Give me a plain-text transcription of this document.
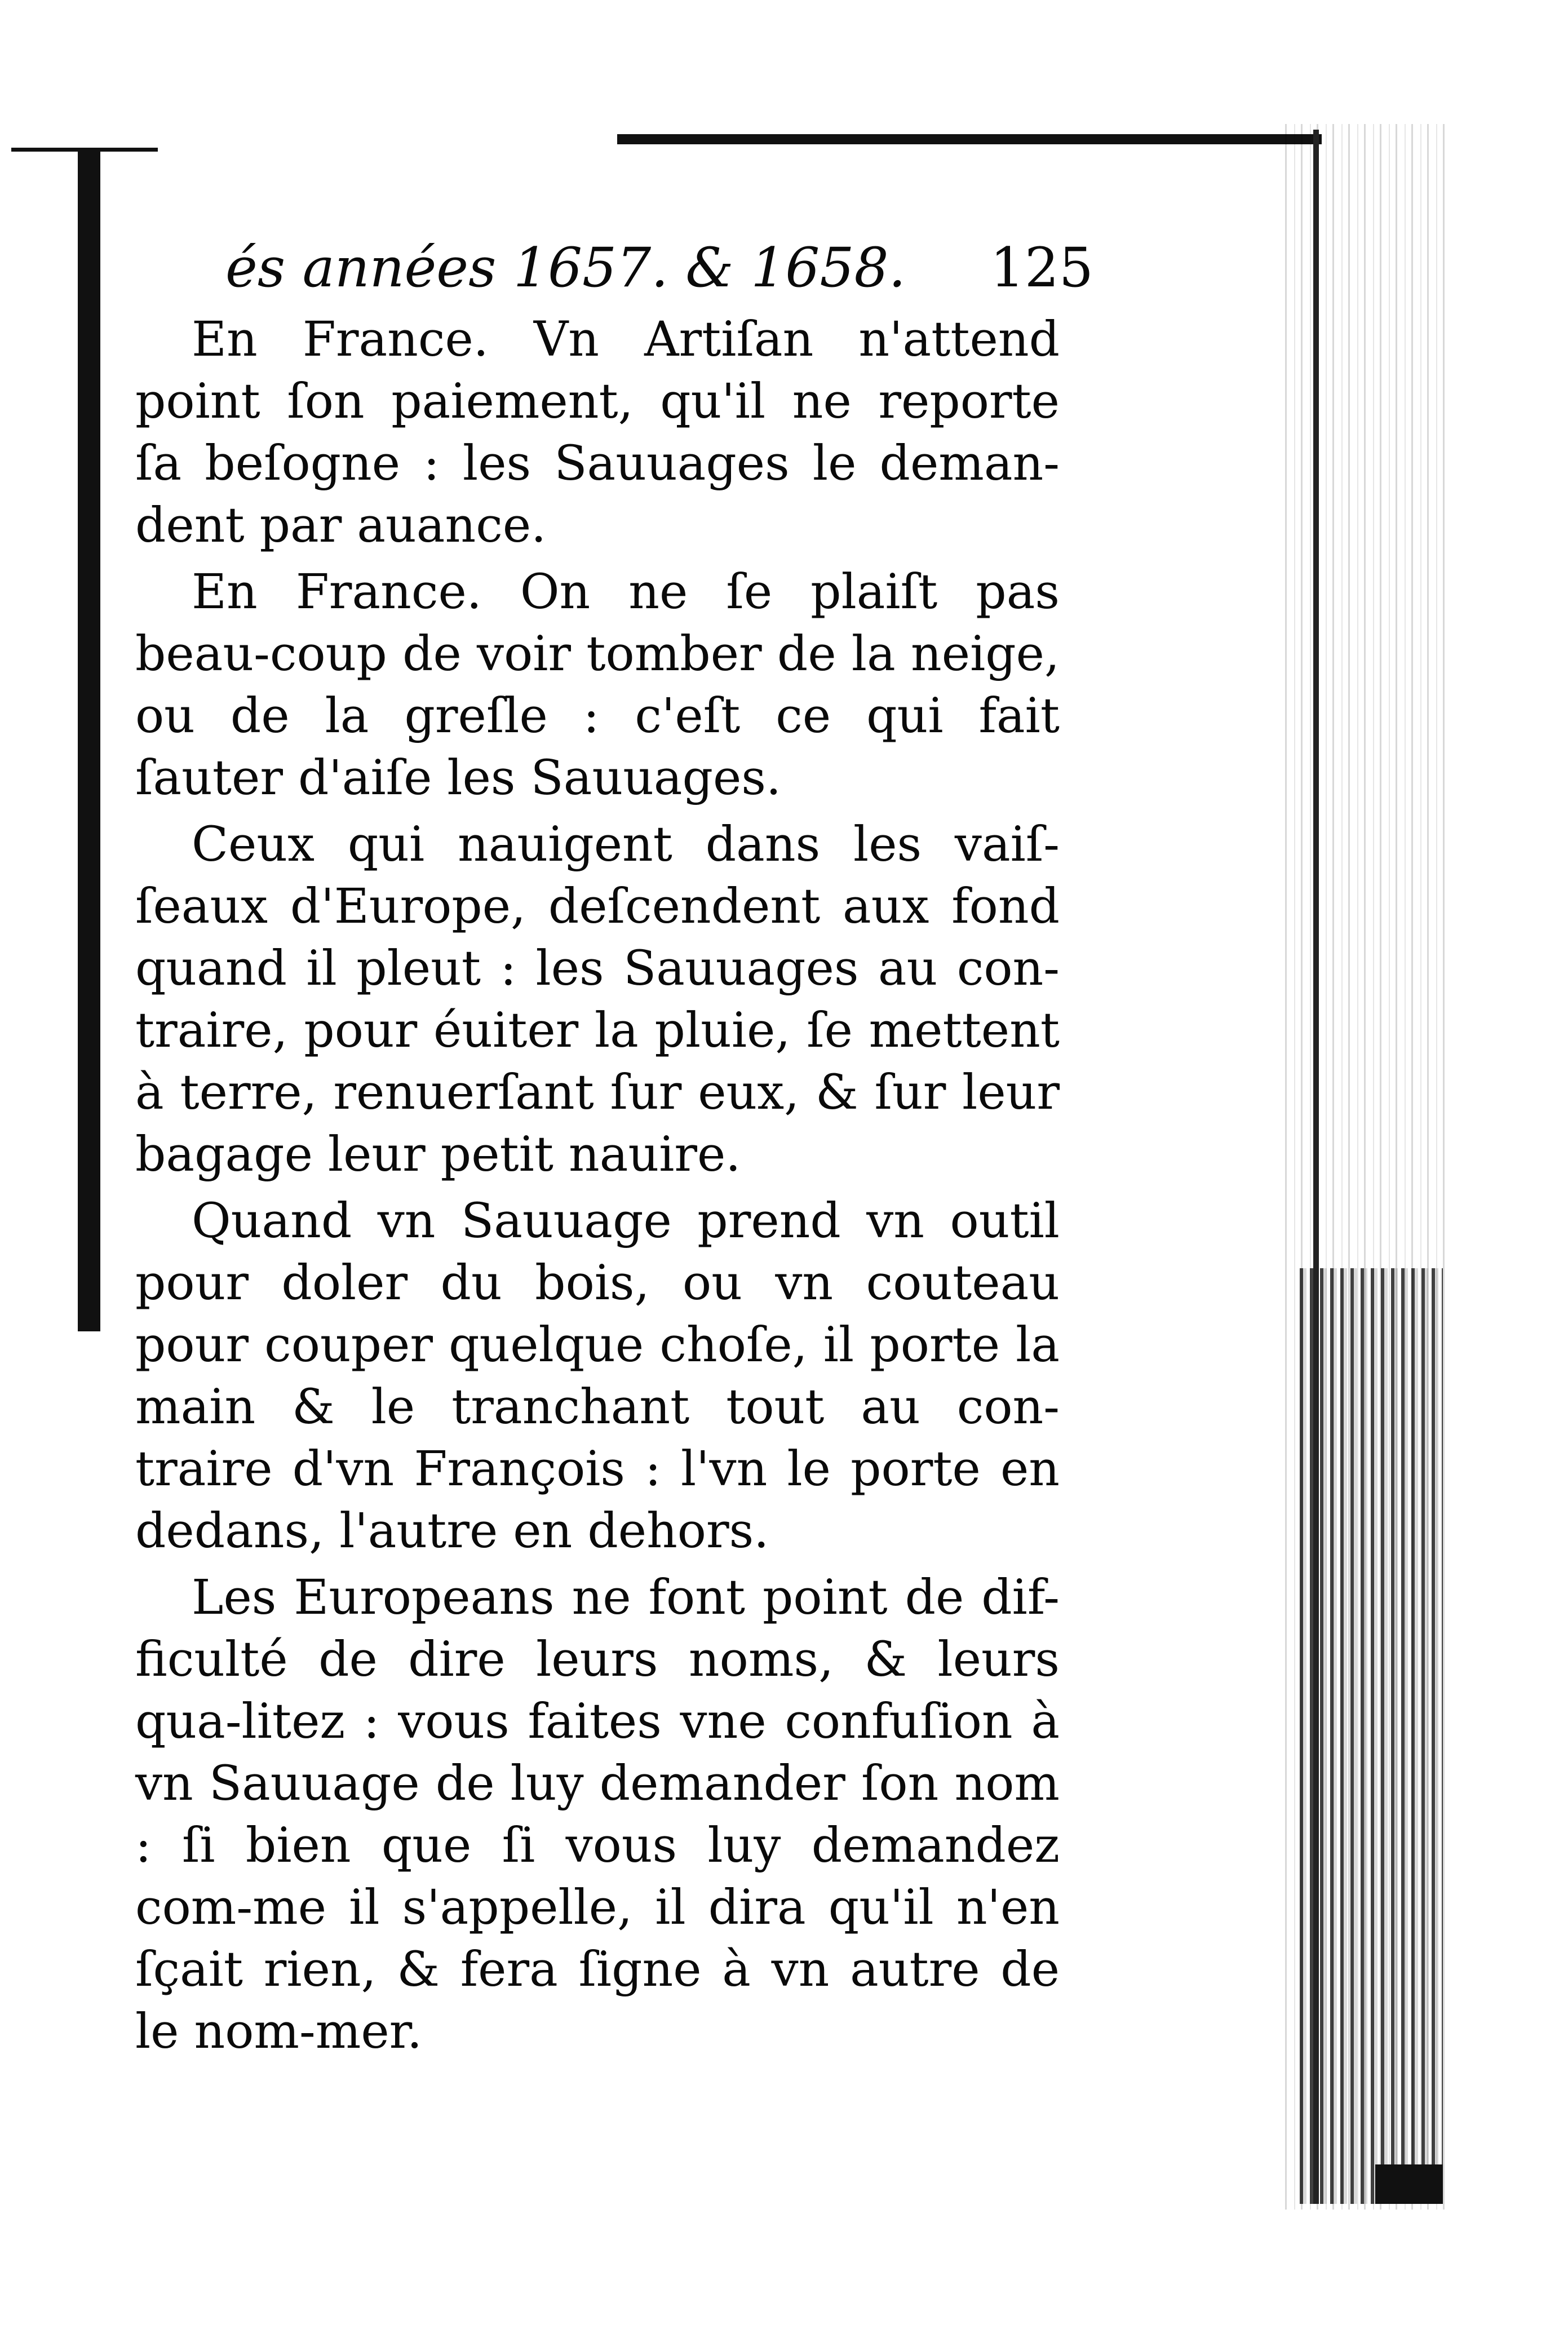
és années 1657. & 1658. 125

En France. Vn Artiſan n'attend point ſon paiement, qu'il ne reporte ſa beſogne : les Sauuages le deman-dent par auance.

En France. On ne ſe plaiſt pas beau-coup de voir tomber de la neige, ou de la greſle : c'eſt ce qui fait ſauter d'aiſe les Sauuages.

Ceux qui nauigent dans les vaiſ-ſeaux d'Europe, deſcendent aux fond quand il pleut : les Sauuages au con-traire, pour éuiter la pluie, ſe mettent à terre, renuerſant ſur eux, & ſur leur bagage leur petit nauire.

Quand vn Sauuage prend vn outil pour doler du bois, ou vn couteau pour couper quelque choſe, il porte la main & le tranchant tout au con-traire d'vn François : l'vn le porte en dedans, l'autre en dehors.

Les Europeans ne font point de dif-ficulté de dire leurs noms, & leurs qua-litez : vous faites vne confuſion à vn Sauuage de luy demander ſon nom : ſi bien que ſi vous luy demandez com-me il s'appelle, il dira qu'il n'en ſçait rien, & fera ſigne à vn autre de le nom-mer.
